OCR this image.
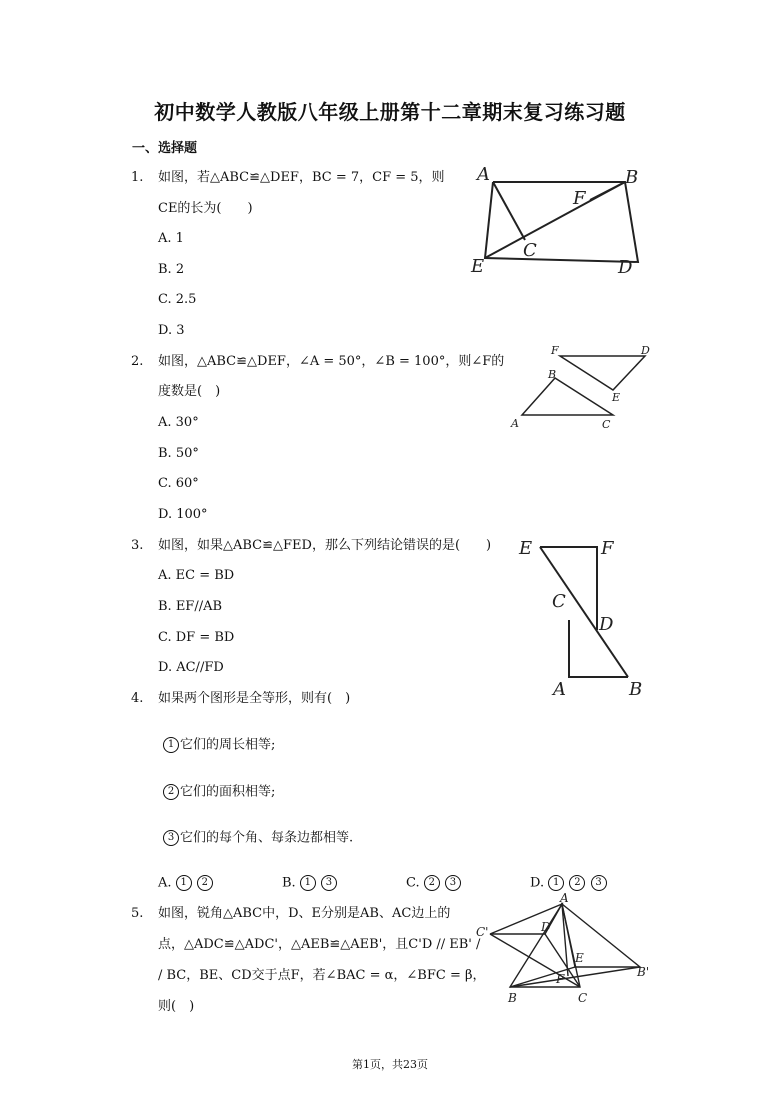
初中数学人教版八年级上册第十二章期末复习练习题
一、选择题
1. 如图，若△ABC≌△DEF，BC = 7，CF = 5，则
CE的长为(　　)
A. 1
B. 2
C. 2.5
D. 3
A	B
C
D
E
F
2. 如图，△ABC≌△DEF，∠A = 50°，∠B = 100°，则∠F的
度数是(　)
A. 30°
B. 50°
C. 60°
D. 100°
A
B
C
D
E
F
3. 如图，如果△ABC≌△FED，那么下列结论错误的是(　　)
A. EC = BD
B. EF//AB
C. DF = BD
D. AC//FD
E	F
C
D
A	B
4. 如果两个图形是全等形，则有(　)
1 它们的周长相等;
2 它们的面积相等;
3 它们的每个角、每条边都相等.
A. 1 2	B. 1 3	C. 2 3	D. 1 2 3
5. 如图，锐角△ABC中，D、E分别是AB、AC边上的
点，△ADC≌△ADC'，△AEB≌△AEB'，且C'D // EB' /
/ BC，BE、CD交于点F，若∠BAC = α，∠BFC = β，
则(　)
A
B	C
D
E
F
C'
B'
第1页，共23页
